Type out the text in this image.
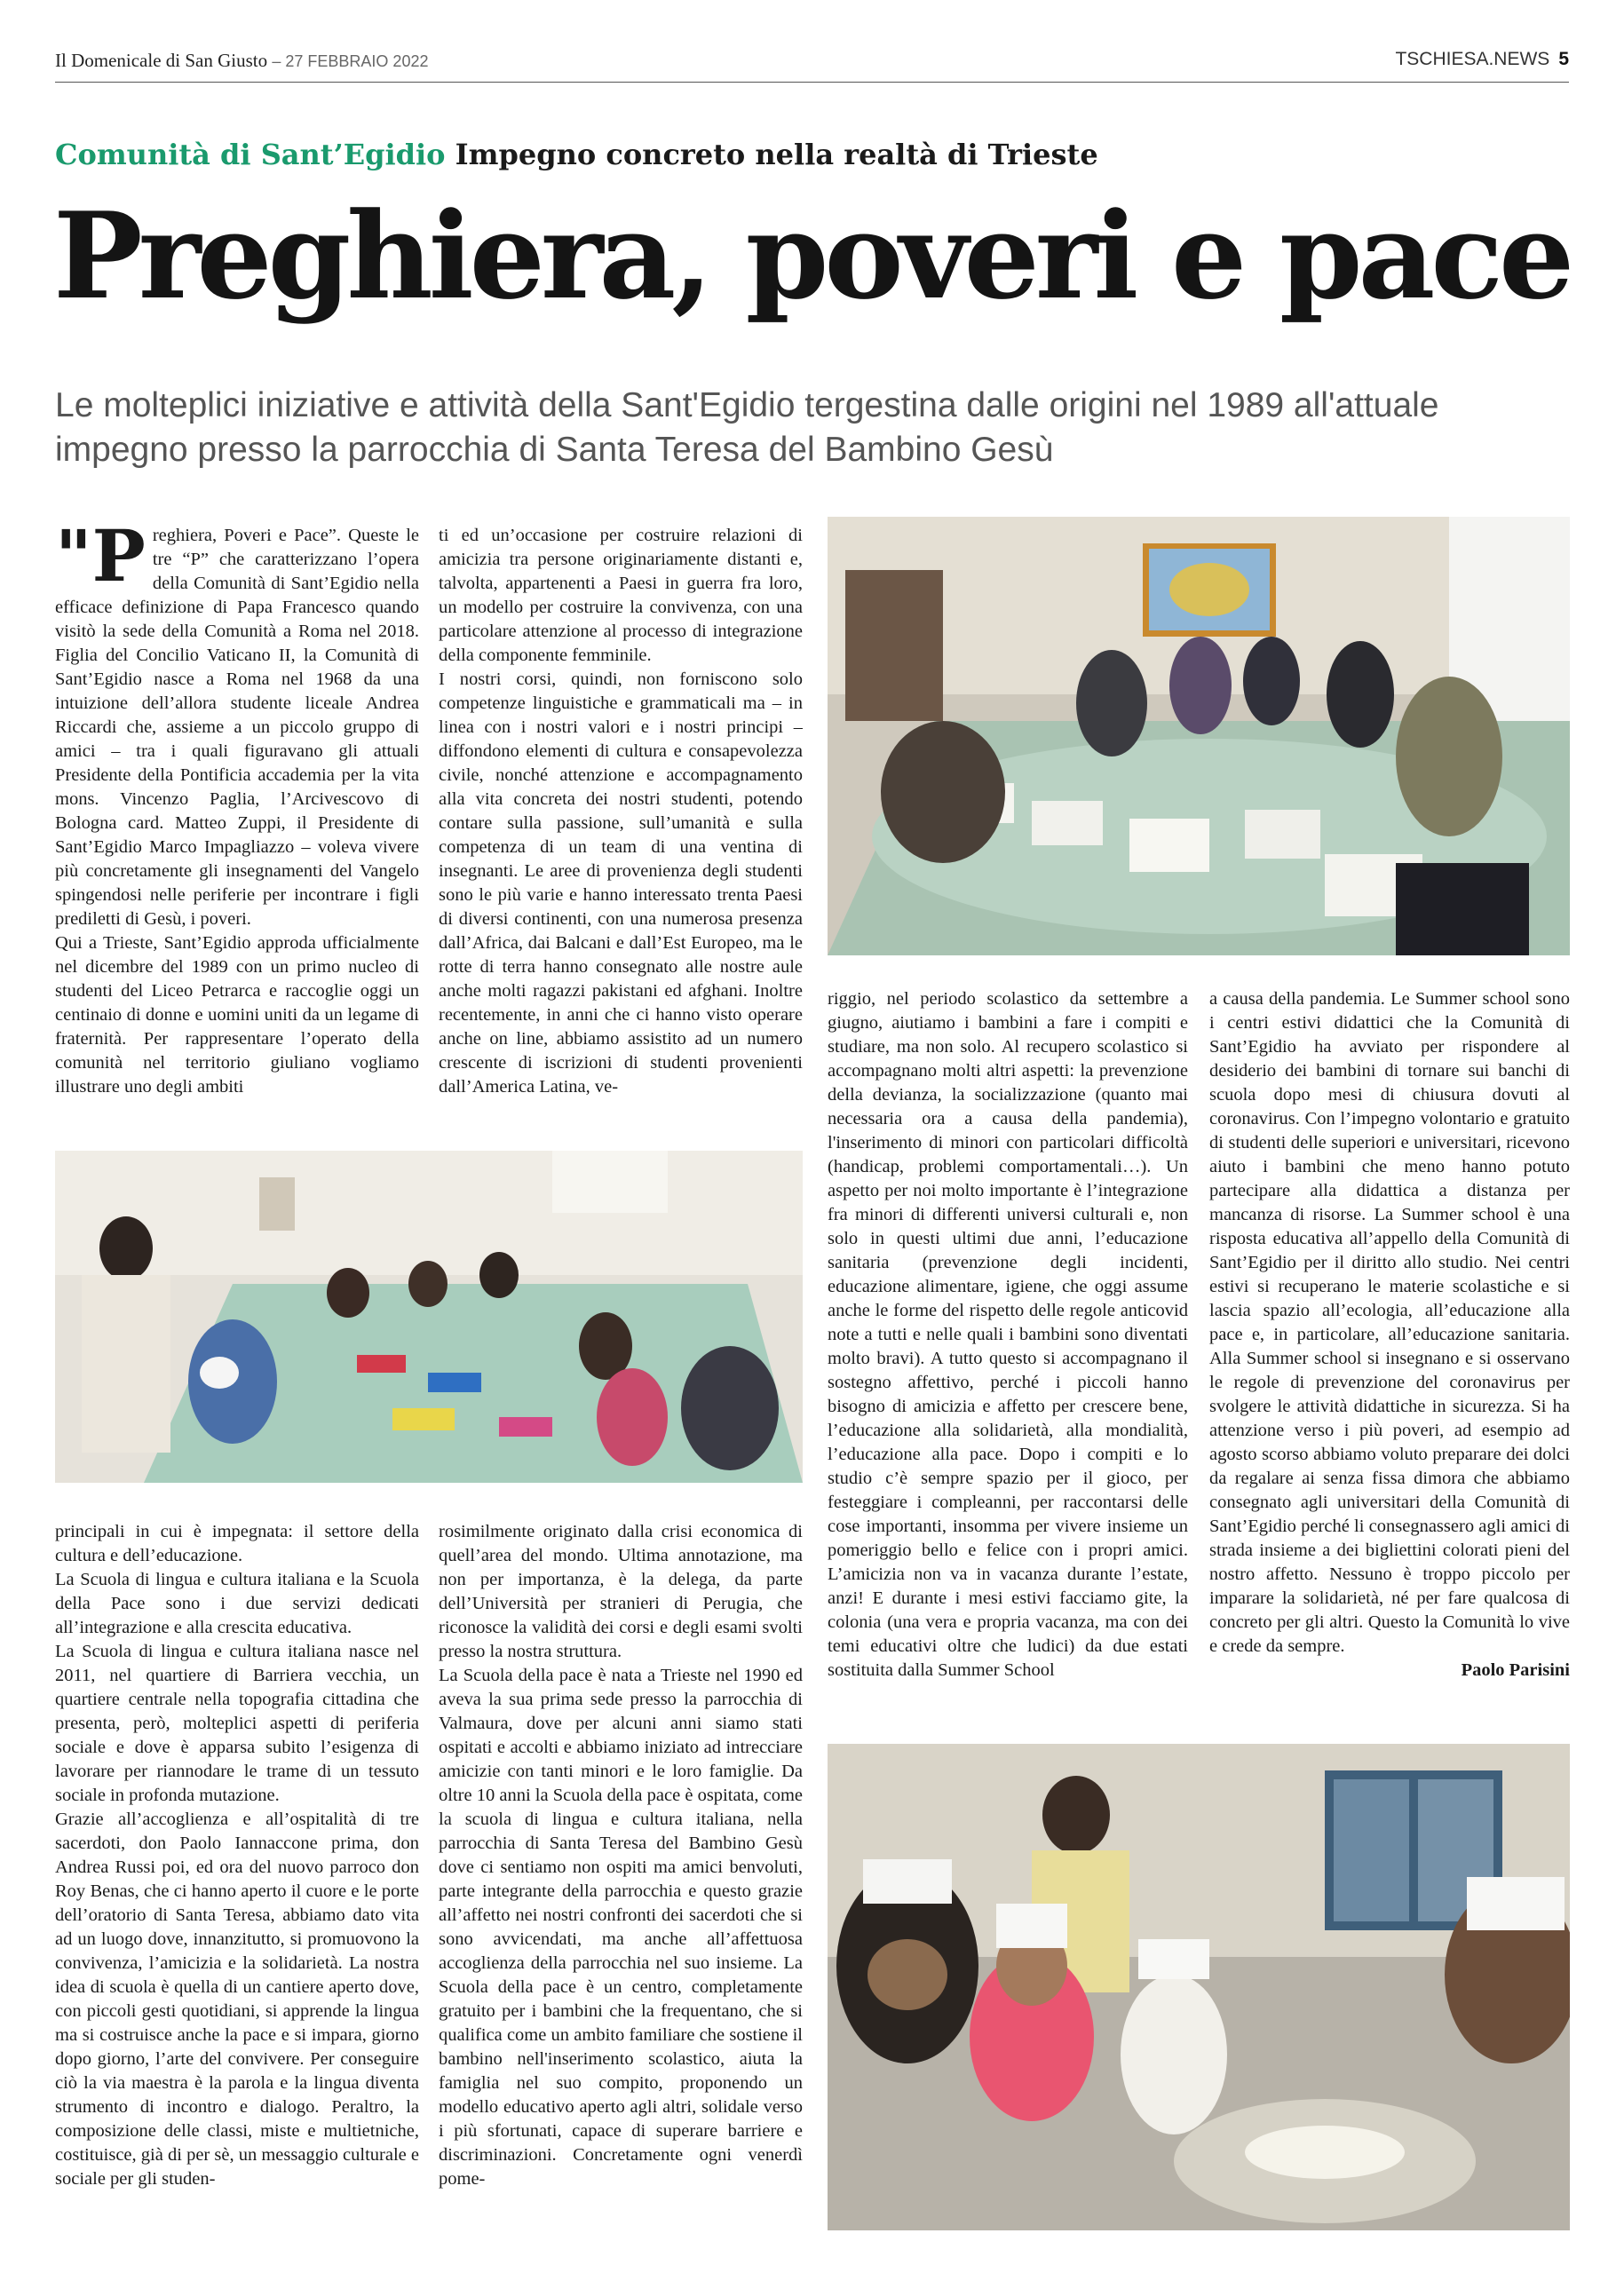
Il Domenicale di San Giusto – 27 FEBBRAIO 2022	TSCHIESA.NEWS 5
Comunità di Sant’Egidio Impegno concreto nella realtà di Trieste
Preghiera, poveri e pace
Le molteplici iniziative e attività della Sant'Egidio tergestina dalle origini nel 1989 all'attuale impegno presso la parrocchia di Santa Teresa del Bambino Gesù
"P reghiera, Poveri e Pace”. Queste le tre “P” che caratterizzano l’opera della Comunità di Sant’Egidio nella efficace definizione di Papa Francesco quando visitò la sede della Comunità a Roma nel 2018. Figlia del Concilio Vaticano II, la Comunità di Sant’Egidio nasce a Roma nel 1968 da una intuizione dell’allora studente liceale Andrea Riccardi che, assieme a un piccolo gruppo di amici – tra i quali figuravano gli attuali Presidente della Pontificia accademia per la vita mons. Vincenzo Paglia, l’Arcivescovo di Bologna card. Matteo Zuppi, il Presidente di Sant’Egidio Marco Impagliazzo – voleva vivere più concretamente gli insegnamenti del Vangelo spingendosi nelle periferie per incontrare i figli prediletti di Gesù, i poveri.

Qui a Trieste, Sant’Egidio approda ufficialmente nel dicembre del 1989 con un primo nucleo di studenti del Liceo Petrarca e raccoglie oggi un centinaio di donne e uomini uniti da un legame di fraternità. Per rappresentare l’operato della comunità nel territorio giuliano vogliamo illustrare uno degli ambiti

ti ed un’occasione per costruire relazioni di amicizia tra persone originariamente distanti e, talvolta, appartenenti a Paesi in guerra fra loro, un modello per costruire la convivenza, con una particolare attenzione al processo di integrazione della componente femminile.

I nostri corsi, quindi, non forniscono solo competenze linguistiche e grammaticali ma – in linea con i nostri valori e i nostri principi – diffondono elementi di cultura e consapevolezza civile, nonché attenzione e accompagnamento alla vita concreta dei nostri studenti, potendo contare sulla passione, sull’umanità e sulla competenza di un team di una ventina di insegnanti. Le aree di provenienza degli studenti sono le più varie e hanno interessato trenta Paesi di diversi continenti, con una numerosa presenza dall’Africa, dai Balcani e dall’Est Europeo, ma le rotte di terra hanno consegnato alle nostre aule anche molti ragazzi pakistani ed afghani. Inoltre recentemente, in anni che ci hanno visto operare anche on line, abbiamo assistito ad un numero crescente di iscrizioni di studenti provenienti dall’America Latina, ve-

principali in cui è impegnata: il settore della cultura e dell’educazione.

La Scuola di lingua e cultura italiana e la Scuola della Pace sono i due servizi dedicati all’integrazione e alla crescita educativa.

La Scuola di lingua e cultura italiana nasce nel 2011, nel quartiere di Barriera vecchia, un quartiere centrale nella topografia cittadina che presenta, però, molteplici aspetti di periferia sociale e dove è apparsa subito l’esigenza di lavorare per riannodare le trame di un tessuto sociale in profonda mutazione.

Grazie all’accoglienza e all’ospitalità di tre sacerdoti, don Paolo Iannaccone prima, don Andrea Russi poi, ed ora del nuovo parroco don Roy Benas, che ci hanno aperto il cuore e le porte dell’oratorio di Santa Teresa, abbiamo dato vita ad un luogo dove, innanzitutto, si promuovono la convivenza, l’amicizia e la solidarietà. La nostra idea di scuola è quella di un cantiere aperto dove, con piccoli gesti quotidiani, si apprende la lingua ma si costruisce anche la pace e si impara, giorno dopo giorno, l’arte del convivere. Per conseguire ciò la via maestra è la parola e la lingua diventa strumento di incontro e dialogo. Peraltro, la composizione delle classi, miste e multietniche, costituisce, già di per sè, un messaggio culturale e sociale per gli studen-

rosimilmente originato dalla crisi economica di quell’area del mondo. Ultima annotazione, ma non per importanza, è la delega, da parte dell’Università per stranieri di Perugia, che riconosce la validità dei corsi e degli esami svolti presso la nostra struttura.

La Scuola della pace è nata a Trieste nel 1990 ed aveva la sua prima sede presso la parrocchia di Valmaura, dove per alcuni anni siamo stati ospitati e accolti e abbiamo iniziato ad intrecciare amicizie con tanti minori e le loro famiglie. Da oltre 10 anni la Scuola della pace è ospitata, come la scuola di lingua e cultura italiana, nella parrocchia di Santa Teresa del Bambino Gesù dove ci sentiamo non ospiti ma amici benvoluti, parte integrante della parrocchia e questo grazie all’affetto nei nostri confronti dei sacerdoti che si sono avvicendati, ma anche all’affettuosa accoglienza della parrocchia nel suo insieme. La Scuola della pace è un centro, completamente gratuito per i bambini che la frequentano, che si qualifica come un ambito familiare che sostiene il bambino nell'inserimento scolastico, aiuta la famiglia nel suo compito, proponendo un modello educativo aperto agli altri, solidale verso i più sfortunati, capace di superare barriere e discriminazioni. Concretamente ogni venerdì pome-

riggio, nel periodo scolastico da settembre a giugno, aiutiamo i bambini a fare i compiti e studiare, ma non solo. Al recupero scolastico si accompagnano molti altri aspetti: la prevenzione della devianza, la socializzazione (quanto mai necessaria ora a causa della pandemia), l'inserimento di minori con particolari difficoltà (handicap, problemi comportamentali…). Un aspetto per noi molto importante è l’integrazione fra minori di differenti universi culturali e, non solo in questi ultimi due anni, l’educazione sanitaria (prevenzione degli incidenti, educazione alimentare, igiene, che oggi assume anche le forme del rispetto delle regole anticovid note a tutti e nelle quali i bambini sono diventati molto bravi). A tutto questo si accompagnano il sostegno affettivo, perché i piccoli hanno bisogno di amicizia e affetto per crescere bene, l’educazione alla solidarietà, alla mondialità, l’educazione alla pace. Dopo i compiti e lo studio c’è sempre spazio per il gioco, per festeggiare i compleanni, per raccontarsi delle cose importanti, insomma per vivere insieme un pomeriggio bello e felice con i propri amici. L’amicizia non va in vacanza durante l’estate, anzi! E durante i mesi estivi facciamo gite, la colonia (una vera e propria vacanza, ma con dei temi educativi oltre che ludici) da due estati sostituita dalla Summer School

a causa della pandemia. Le Summer school sono i centri estivi didattici che la Comunità di Sant’Egidio ha avviato per rispondere al desiderio dei bambini di tornare sui banchi di scuola dopo mesi di chiusura dovuti al coronavirus. Con l’impegno volontario e gratuito di studenti delle superiori e universitari, ricevono aiuto i bambini che meno hanno potuto partecipare alla didattica a distanza per mancanza di risorse. La Summer school è una risposta educativa all’appello della Comunità di Sant’Egidio per il diritto allo studio. Nei centri estivi si recuperano le materie scolastiche e si lascia spazio all’ecologia, all’educazione alla pace e, in particolare, all’educazione sanitaria. Alla Summer school si insegnano e si osservano le regole di prevenzione del coronavirus per svolgere le attività didattiche in sicurezza. Si ha attenzione verso i più poveri, ad esempio ad agosto scorso abbiamo voluto preparare dei dolci da regalare ai senza fissa dimora che abbiamo consegnato agli universitari della Comunità di Sant’Egidio perché li consegnassero agli amici di strada insieme a dei bigliettini colorati pieni del nostro affetto. Nessuno è troppo piccolo per imparare la solidarietà, né per fare qualcosa di concreto per gli altri. Questo la Comunità lo vive e crede da sempre.

Paolo Parisini
